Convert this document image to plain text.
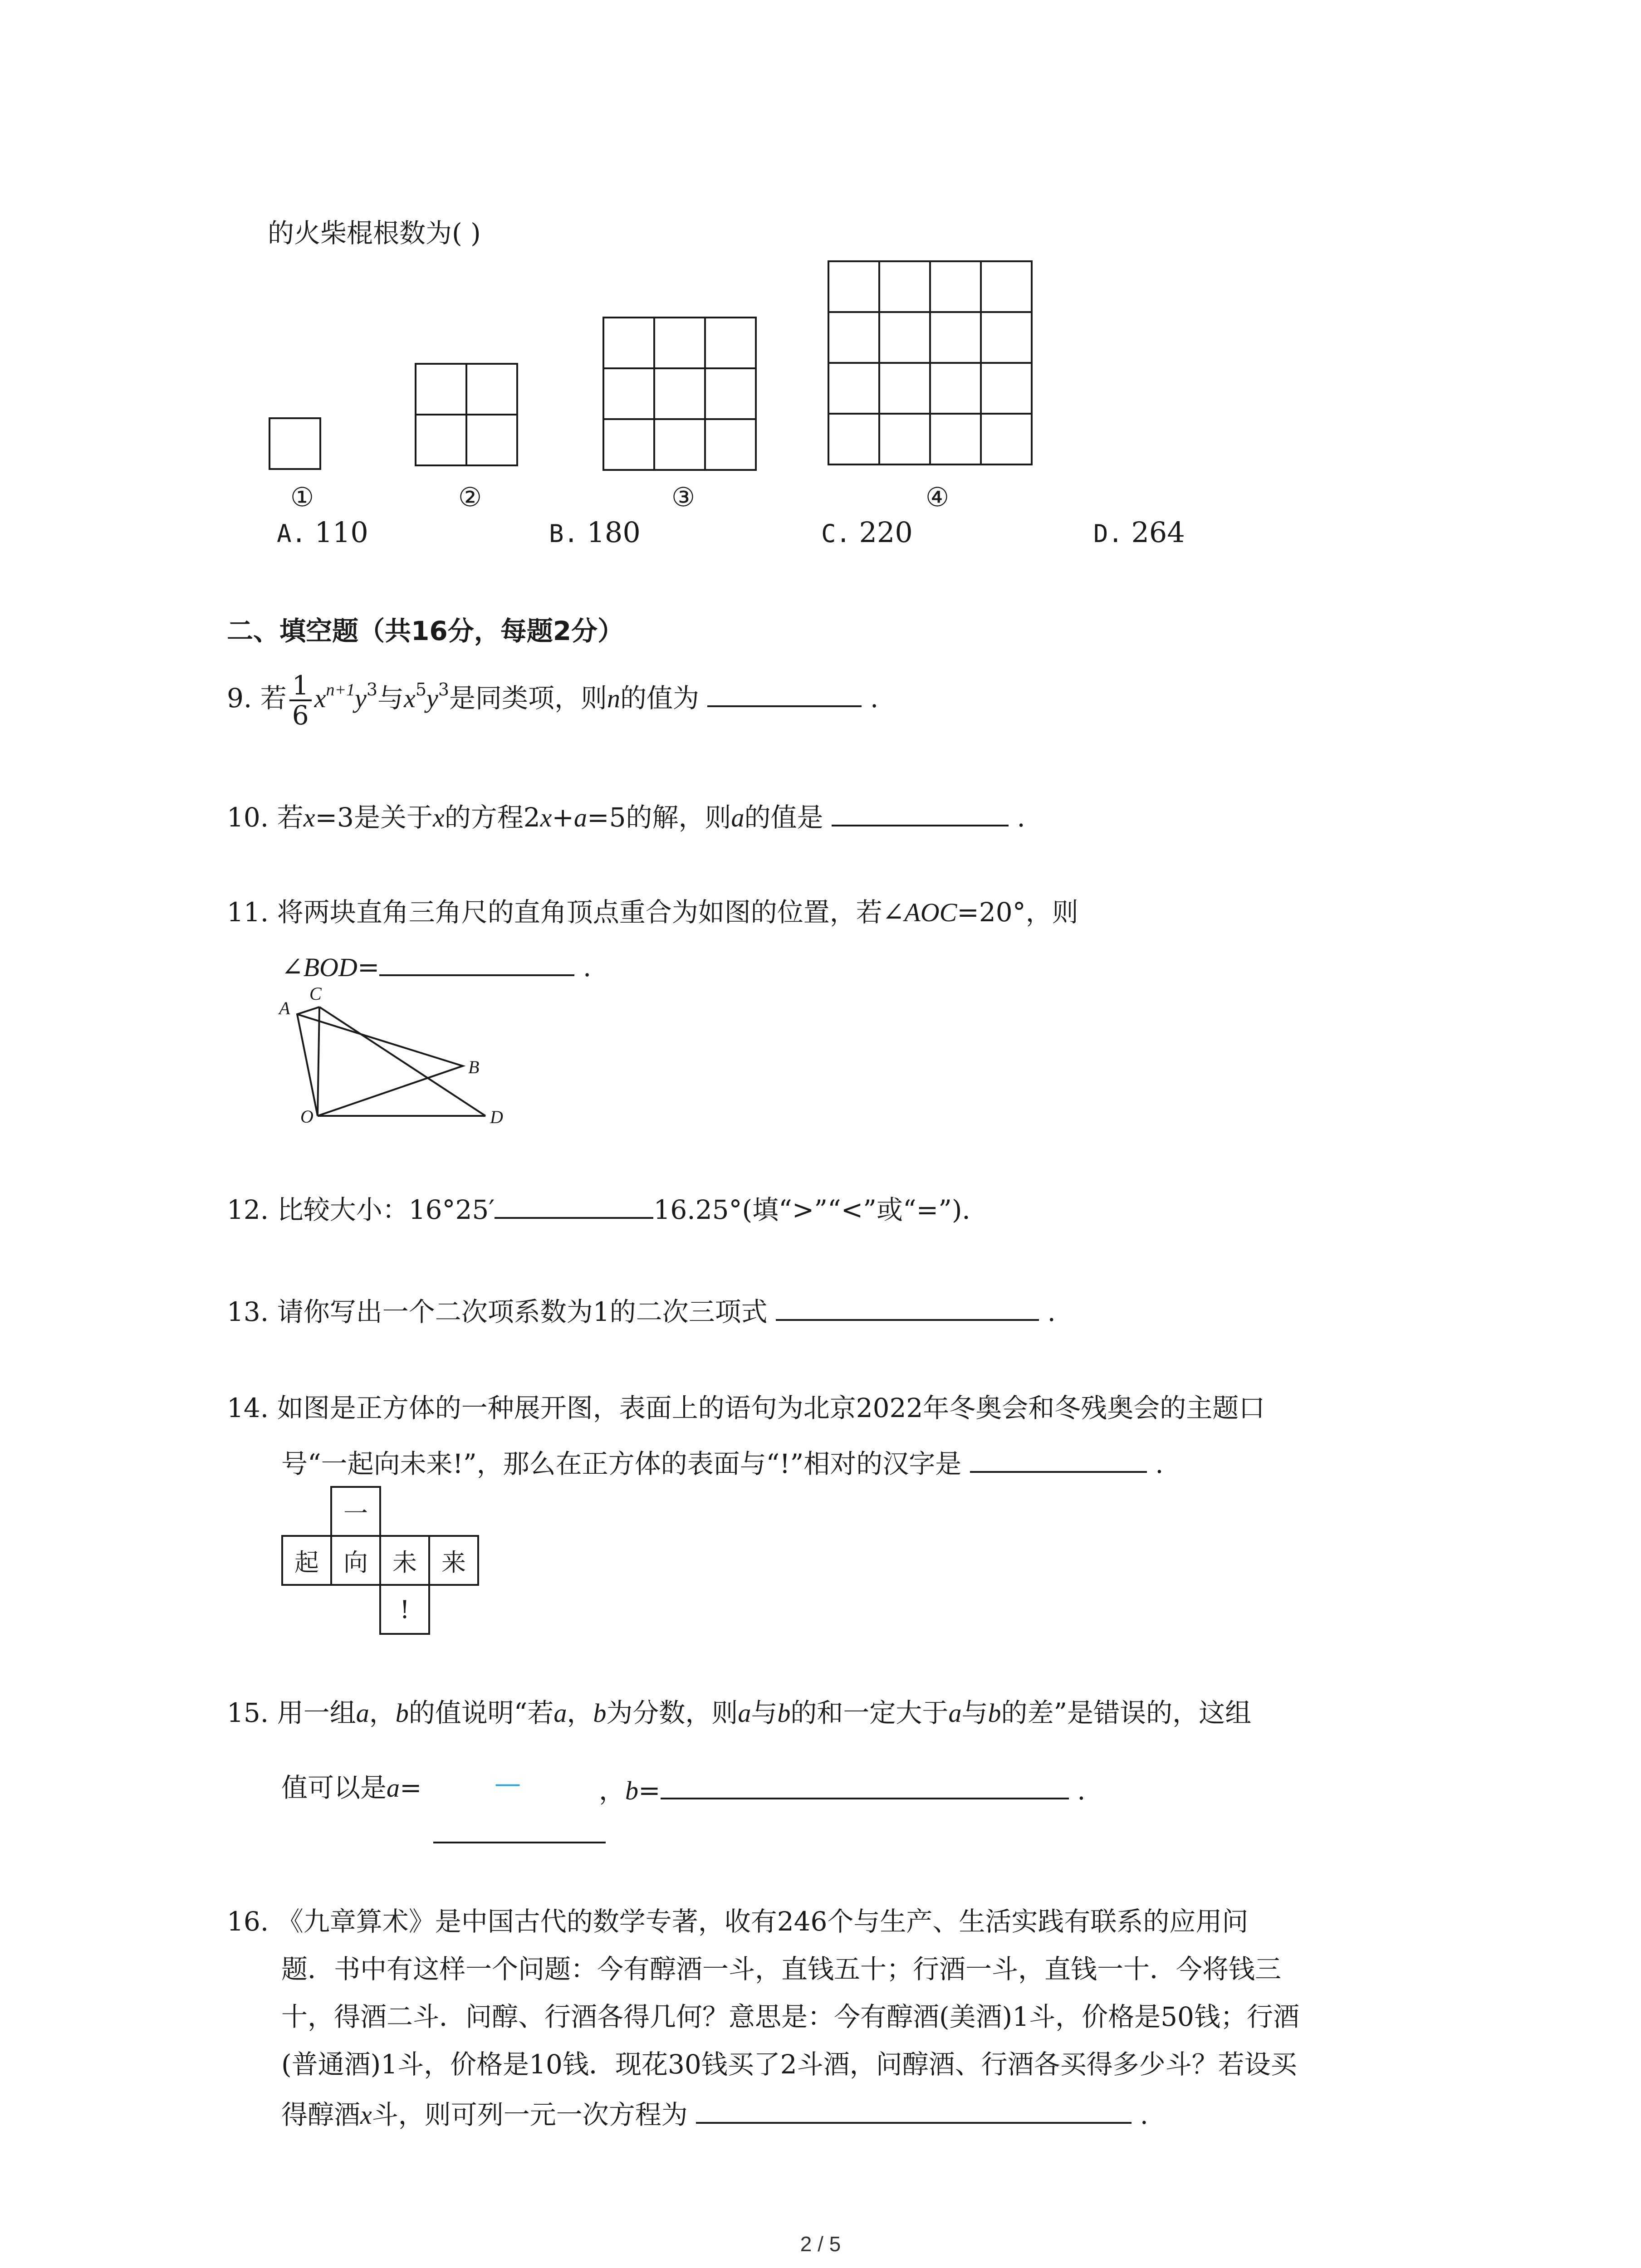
的火柴棍根数为( )
①	②	③	④
A. 110	B. 180	C. 220	D. 264
二、填空题（共16分，每题2分）
9. 若 $\frac{1}{6} x^{n+1}y^3$与$x^5y^3$是同类项，则n的值为	.
10. 若x=3是关于x的方程2x+a=5的解，则a的值是	.
11. 将两块直角三角尺的直角顶点重合为如图的位置，若∠AOC=20°，则
∠BOD=	.
A
C
B
O	D
12. 比较大小：16°25′	16.25°(填“>”“<”或“=”)．
13. 请你写出一个二次项系数为1的二次三项式	.
14. 如图是正方体的一种展开图，表面上的语句为北京2022年冬奥会和冬残奥会的主题口
号“一起向未来!”，那么在正方体的表面与“!”相对的汉字是	.
	一		
起	向	未	来
		!	
15. 用一组a，b的值说明“若a，b为分数，则a与b的和一定大于a与b的差”是错误的，这组
值可以是a=	—	，b=	.
16. 《九章算术》是中国古代的数学专著，收有246个与生产、生活实践有联系的应用问
题．书中有这样一个问题：今有醇酒一斗，直钱五十；行酒一斗，直钱一十．今将钱三
十，得酒二斗．问醇、行酒各得几何？意思是：今有醇酒(美酒)1斗，价格是50钱；行酒
(普通酒)1斗，价格是10钱．现花30钱买了2斗酒，问醇酒、行酒各买得多少斗？若设买
得醇酒x斗，则可列一元一次方程为	.
2 / 5
